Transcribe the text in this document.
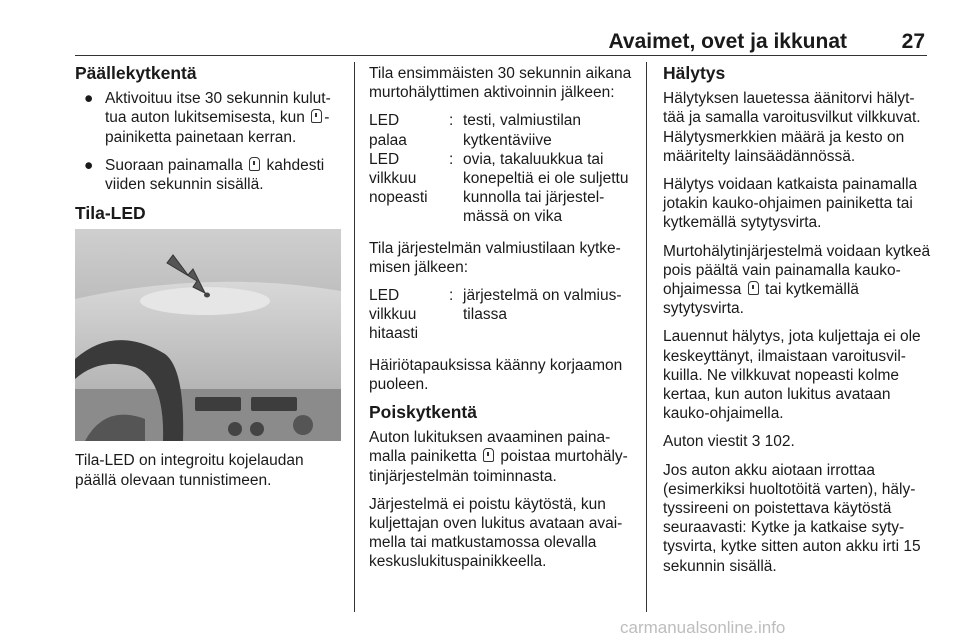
Avaimet, ovet ja ikkunat	27
Päällekytkentä
● Aktivoituu itse 30 sekunnin kulut-tua auton lukitsemisesta, kun -painiketta painetaan kerran.
● Suoraan painamalla kahdesti viiden sekunnin sisällä.
Tila-LED

Tila-LED on integroitu kojelaudan päällä olevaan tunnistimeen.

Tila ensimmäisten 30 sekunnin aikana murtohälyttimen aktivoinnin jälkeen:

LED
palaa
: testi, valmiustilan
kytkentäviive
LED
vilkkuu
nopeasti
: ovia, takaluukkua tai
konepeltiä ei ole suljettu
kunnolla tai järjestel-
mässä on vika

Tila järjestelmän valmiustilaan kytke-misen jälkeen:

LED
vilkkuu
hitaasti
: järjestelmä on valmius-
tilassa

Häiriötapauksissa käänny korjaamon puoleen.

Poiskytkentä

Auton lukituksen avaaminen paina-malla painiketta poistaa murtohäly-tinjärjestelmän toiminnasta.

Järjestelmä ei poistu käytöstä, kun kuljettajan oven lukitus avataan avai-mella tai matkustamossa olevalla keskuslukituspainikkeella.

Hälytys

Hälytyksen lauetessa äänitorvi hälyt-tää ja samalla varoitusvilkut vilkkuvat. Hälytysmerkkien määrä ja kesto on määritelty lainsäädännössä.

Hälytys voidaan katkaista painamalla jotakin kauko-ohjaimen painiketta tai kytkemällä sytytysvirta.

Murtohälytinjärjestelmä voidaan kytkeä pois päältä vain painamalla kauko-ohjaimessa tai kytkemällä sytytysvirta.

Lauennut hälytys, jota kuljettaja ei ole keskeyttänyt, ilmaistaan varoitusvil-kuilla. Ne vilkkuvat nopeasti kolme kertaa, kun auton lukitus avataan kauko-ohjaimella.

Auton viestit 3 102.

Jos auton akku aiotaan irrottaa (esimerkiksi huoltotöitä varten), häly-tyssireeni on poistettava käytöstä seuraavasti: Kytke ja katkaise syty-tysvirta, kytke sitten auton akku irti 15 sekunnin sisällä.

carmanualsonline.info
